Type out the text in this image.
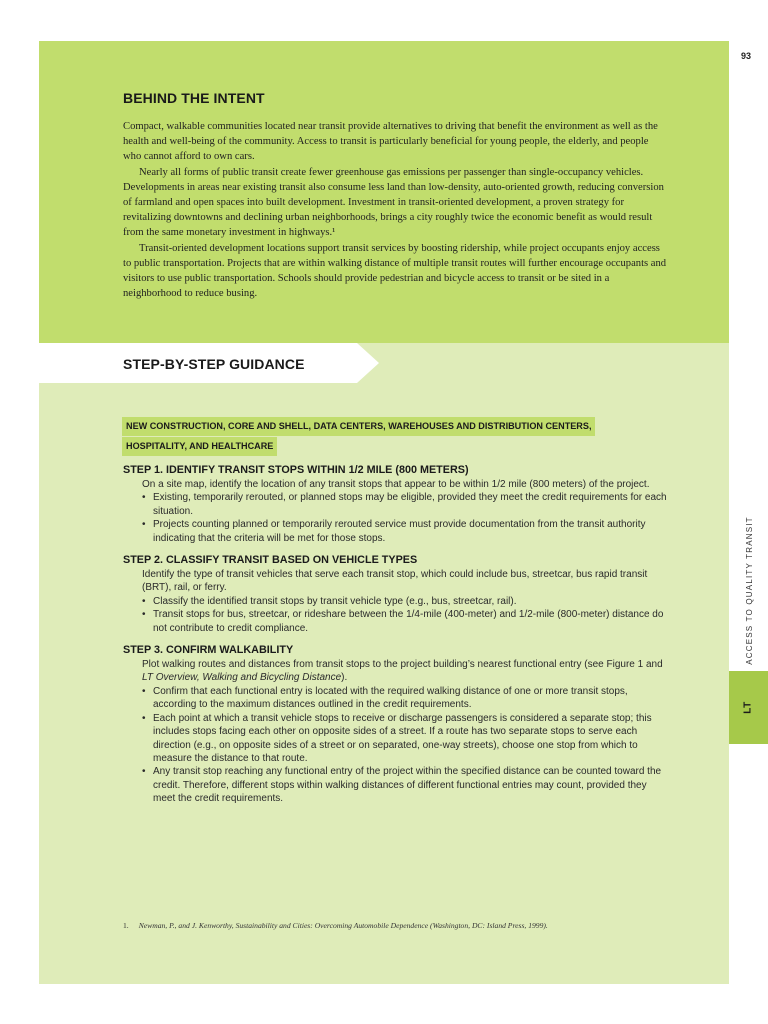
93
BEHIND THE INTENT

Compact, walkable communities located near transit provide alternatives to driving that benefit the environment as well as the health and well-being of the community. Access to transit is particularly beneficial for young people, the elderly, and people who cannot afford to own cars.

Nearly all forms of public transit create fewer greenhouse gas emissions per passenger than single-occupancy vehicles. Developments in areas near existing transit also consume less land than low-density, auto-oriented growth, reducing conversion of farmland and open spaces into built development. Investment in transit-oriented development, a proven strategy for revitalizing downtowns and declining urban neighborhoods, brings a city roughly twice the economic benefit as would result from the same monetary investment in highways.¹

Transit-oriented development locations support transit services by boosting ridership, while project occupants enjoy access to public transportation. Projects that are within walking distance of multiple transit routes will further encourage occupants and visitors to use public transportation. Schools should provide pedestrian and bicycle access to transit or be sited in a neighborhood to reduce busing.

STEP-BY-STEP GUIDANCE
NEW CONSTRUCTION, CORE AND SHELL, DATA CENTERS, WAREHOUSES AND DISTRIBUTION CENTERS,
HOSPITALITY, AND HEALTHCARE
STEP 1. IDENTIFY TRANSIT STOPS WITHIN 1/2 MILE (800 METERS)

On a site map, identify the location of any transit stops that appear to be within 1/2 mile (800 meters) of the project.

• Existing, temporarily rerouted, or planned stops may be eligible, provided they meet the credit requirements for each situation.
• Projects counting planned or temporarily rerouted service must provide documentation from the transit authority indicating that the criteria will be met for those stops.
STEP 2. CLASSIFY TRANSIT BASED ON VEHICLE TYPES

Identify the type of transit vehicles that serve each transit stop, which could include bus, streetcar, bus rapid transit (BRT), rail, or ferry.

• Classify the identified transit stops by transit vehicle type (e.g., bus, streetcar, rail).
• Transit stops for bus, streetcar, or rideshare between the 1/4-mile (400-meter) and 1/2-mile (800-meter) distance do not contribute to credit compliance.
STEP 3. CONFIRM WALKABILITY

Plot walking routes and distances from transit stops to the project building’s nearest functional entry (see Figure 1 and LT Overview, Walking and Bicycling Distance).

• Confirm that each functional entry is located with the required walking distance of one or more transit stops, according to the maximum distances outlined in the credit requirements.
• Each point at which a transit vehicle stops to receive or discharge passengers is considered a separate stop; this includes stops facing each other on opposite sides of a street. If a route has two separate stops to serve each direction (e.g., on opposite sides of a street or on separated, one-way streets), choose one stop from which to measure the distance to that route.
• Any transit stop reaching any functional entry of the project within the specified distance can be counted toward the credit. Therefore, different stops within walking distances of different functional entries may count, provided they meet the credit requirements.
1. Newman, P., and J. Kenworthy, Sustainability and Cities: Overcoming Automobile Dependence (Washington, DC: Island Press, 1999).
ACCESS TO QUALITY TRANSIT
LT
